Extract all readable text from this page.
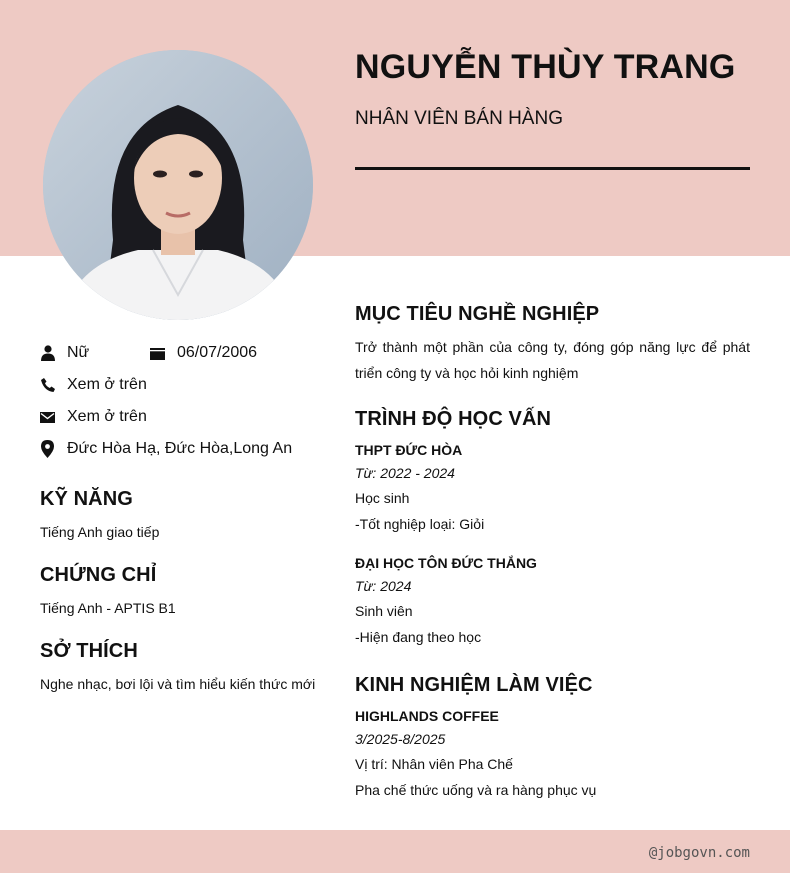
NGUYỄN THÙY TRANG
NHÂN VIÊN BÁN HÀNG
Nữ	06/07/2006
Xem ở trên
Xem ở trên
Đức Hòa Hạ, Đức Hòa,Long An
KỸ NĂNG
Tiếng Anh giao tiếp
CHỨNG CHỈ
Tiếng Anh - APTIS B1
SỞ THÍCH
Nghe nhạc, bơi lội và tìm hiểu kiến thức mới
MỤC TIÊU NGHỀ NGHIỆP

Trở thành một phần của công ty, đóng góp năng lực để phát triển công ty và học hỏi kinh nghiệm

TRÌNH ĐỘ HỌC VẤN
THPT ĐỨC HÒA
Từ: 2022 - 2024
Học sinh
-Tốt nghiệp loại: Giỏi
ĐẠI HỌC TÔN ĐỨC THẮNG
Từ: 2024
Sinh viên
-Hiện đang theo học
KINH NGHIỆM LÀM VIỆC
HIGHLANDS COFFEE
3/2025-8/2025
Vị trí: Nhân viên Pha Chế
Pha chế thức uống và ra hàng phục vụ
@jobgovn.com
